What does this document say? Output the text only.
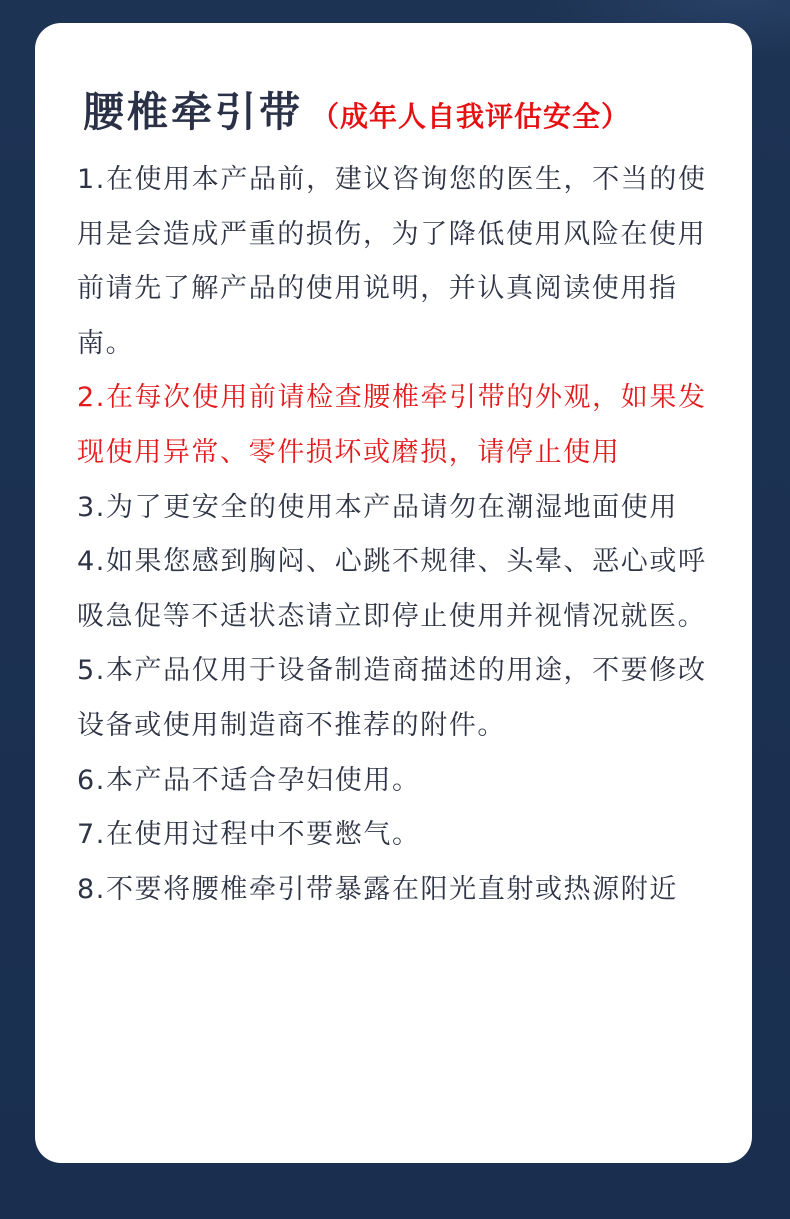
腰椎牵引带 （成年人自我评估安全）

1.在使用本产品前，建议咨询您的医生，不当的使用是会造成严重的损伤，为了降低使用风险在使用前请先了解产品的使用说明，并认真阅读使用指南。

2.在每次使用前请检查腰椎牵引带的外观，如果发现使用异常、零件损坏或磨损，请停止使用

3.为了更安全的使用本产品请勿在潮湿地面使用

4.如果您感到胸闷、心跳不规律、头晕、恶心或呼吸急促等不适状态请立即停止使用并视情况就医。

5.本产品仅用于设备制造商描述的用途，不要修改设备或使用制造商不推荐的附件。

6.本产品不适合孕妇使用。

7.在使用过程中不要憋气。

8.不要将腰椎牵引带暴露在阳光直射或热源附近
